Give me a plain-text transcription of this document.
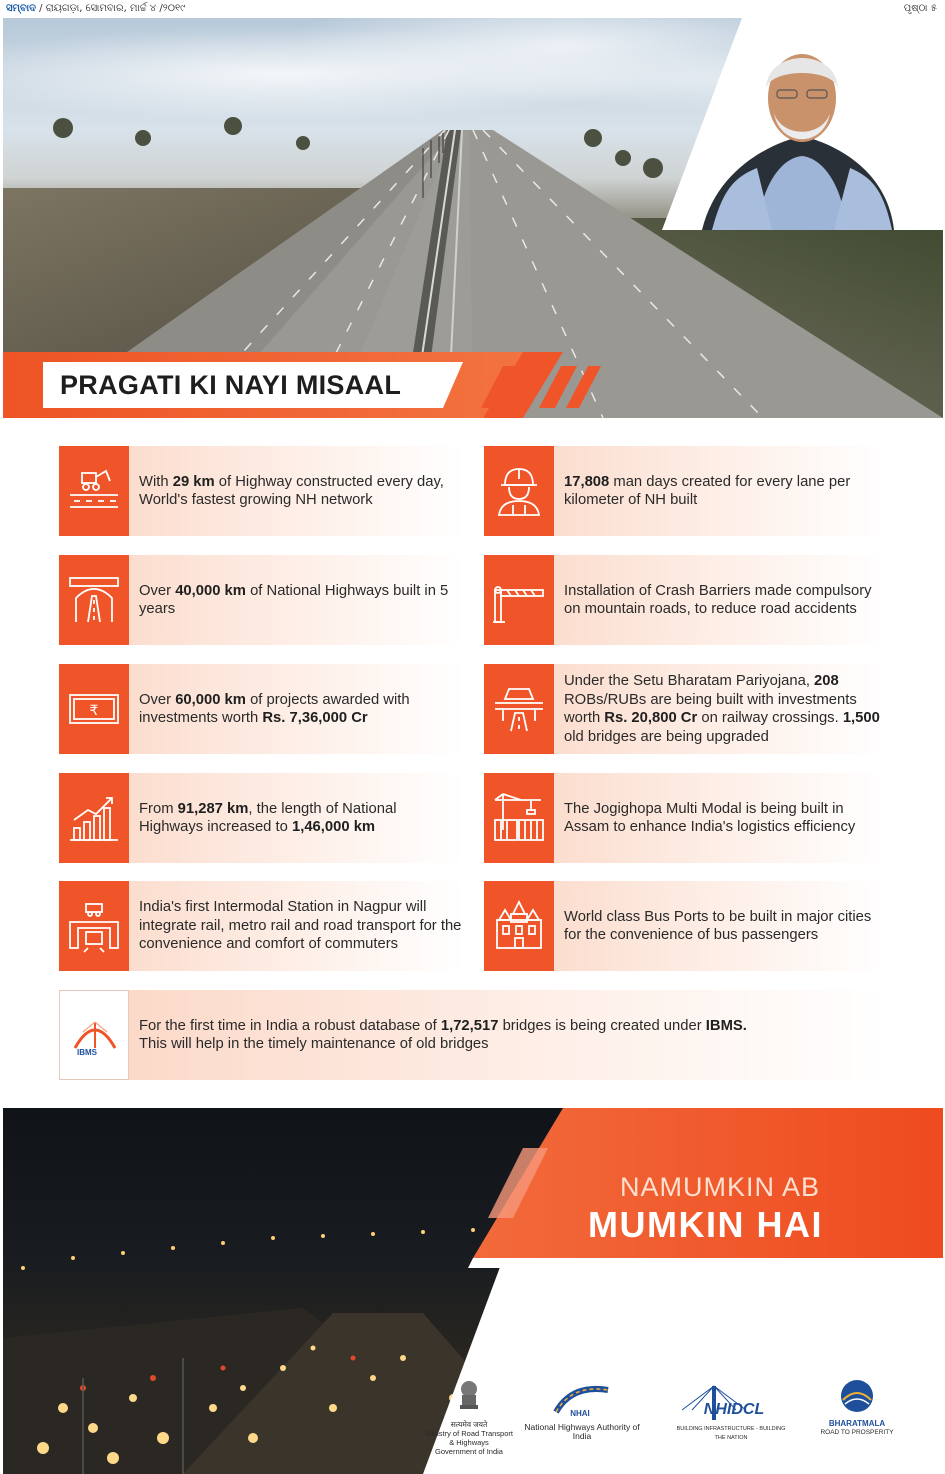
ସମ୍ବାଦ / ରାୟଗଡ଼ା, ସୋମବାର, ମାର୍ଚ୍ଚ ୪ /୨୦୧୯	ପୃଷ୍ଠା ୫
PRAGATI KI NAYI MISAAL
With 29 km of Highway constructed every day, World's fastest growing NH network
Over 40,000 km of National Highways built in 5 years
₹
Over 60,000 km of projects awarded with investments worth Rs. 7,36,000 Cr
From 91,287 km, the length of National Highways increased to 1,46,000 km
India's first Intermodal Station in Nagpur will integrate rail, metro rail and road transport for the convenience and comfort of commuters
17,808 man days created for every lane per kilometer of NH built
Installation of Crash Barriers made compulsory on mountain roads, to reduce road accidents
Under the Setu Bharatam Pariyojana, 208 ROBs/RUBs are being built with investments worth Rs. 20,800 Cr on railway crossings. 1,500 old bridges are being upgraded
The Jogighopa Multi Modal is being built in Assam to enhance India's logistics efficiency
World class Bus Ports to be built in major cities for the convenience of bus passengers
IBMS
For the first time in India a robust database of 1,72,517 bridges is being created under IBMS.
This will help in the timely maintenance of old bridges
NAMUMKIN AB
MUMKIN HAI
सत्यमेव जयते
Ministry of Road Transport & Highways
Government of India
NHAI
National Highways Authority of India
NHIDCL
BUILDING INFRASTRUCTURE - BUILDING THE NATION
BHARATMALA
ROAD TO PROSPERITY
